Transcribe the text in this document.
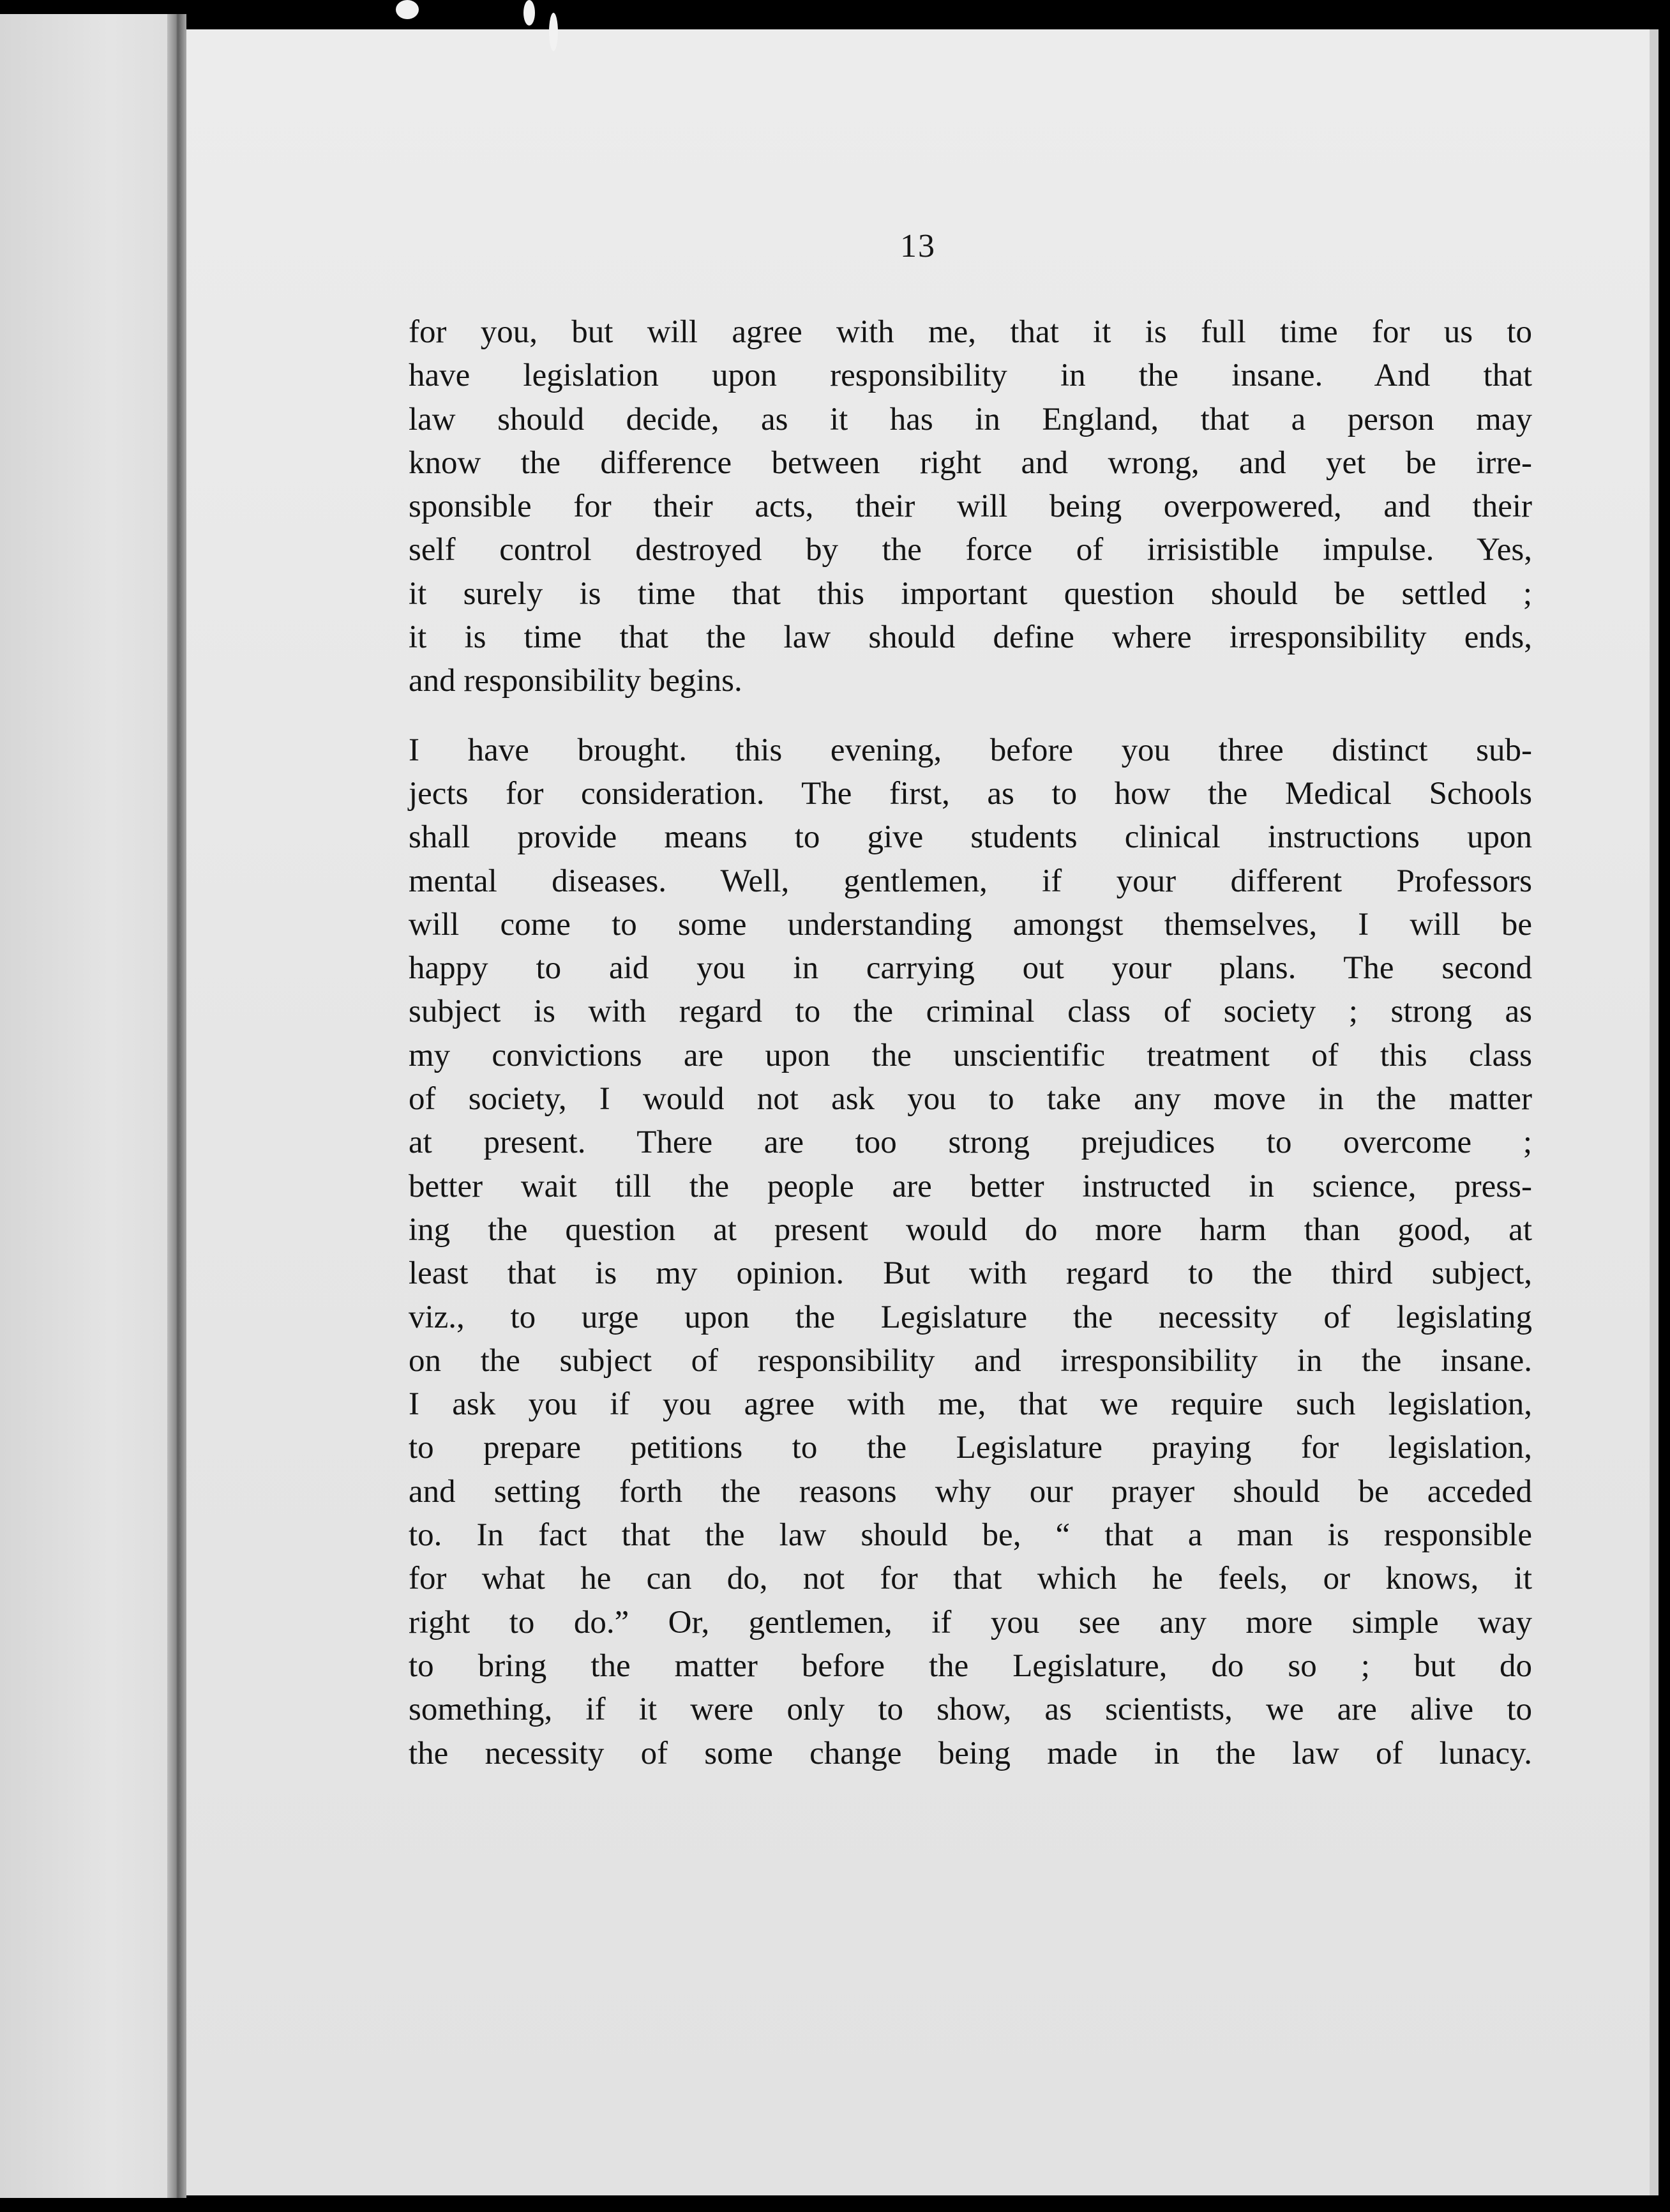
13
for you, but will agree with me, that it is full time for us to
have legislation upon responsibility in the insane. And that
law should decide, as it has in England, that a person may
know the difference between right and wrong, and yet be irre-
sponsible for their acts, their will being overpowered, and their
self control destroyed by the force of irrisistible impulse. Yes,
it surely is time that this important question should be settled ;
it is time that the law should define where irresponsibility ends,
and responsibility begins.
I have brought. this evening, before you three distinct sub-
jects for consideration. The first, as to how the Medical Schools
shall provide means to give students clinical instructions upon
mental diseases. Well, gentlemen, if your different Professors
will come to some understanding amongst themselves, I will be
happy to aid you in carrying out your plans. The second
subject is with regard to the criminal class of society ; strong as
my convictions are upon the unscientific treatment of this class
of society, I would not ask you to take any move in the matter
at present. There are too strong prejudices to overcome ;
better wait till the people are better instructed in science, press-
ing the question at present would do more harm than good, at
least that is my opinion. But with regard to the third subject,
viz., to urge upon the Legislature the necessity of legislating
on the subject of responsibility and irresponsibility in the insane.
I ask you if you agree with me, that we require such legislation,
to prepare petitions to the Legislature praying for legislation,
and setting forth the reasons why our prayer should be acceded
to. In fact that the law should be, “ that a man is responsible
for what he can do, not for that which he feels, or knows, it
right to do.” Or, gentlemen, if you see any more simple way
to bring the matter before the Legislature, do so ; but do
something, if it were only to show, as scientists, we are alive to
the necessity of some change being made in the law of lunacy.
